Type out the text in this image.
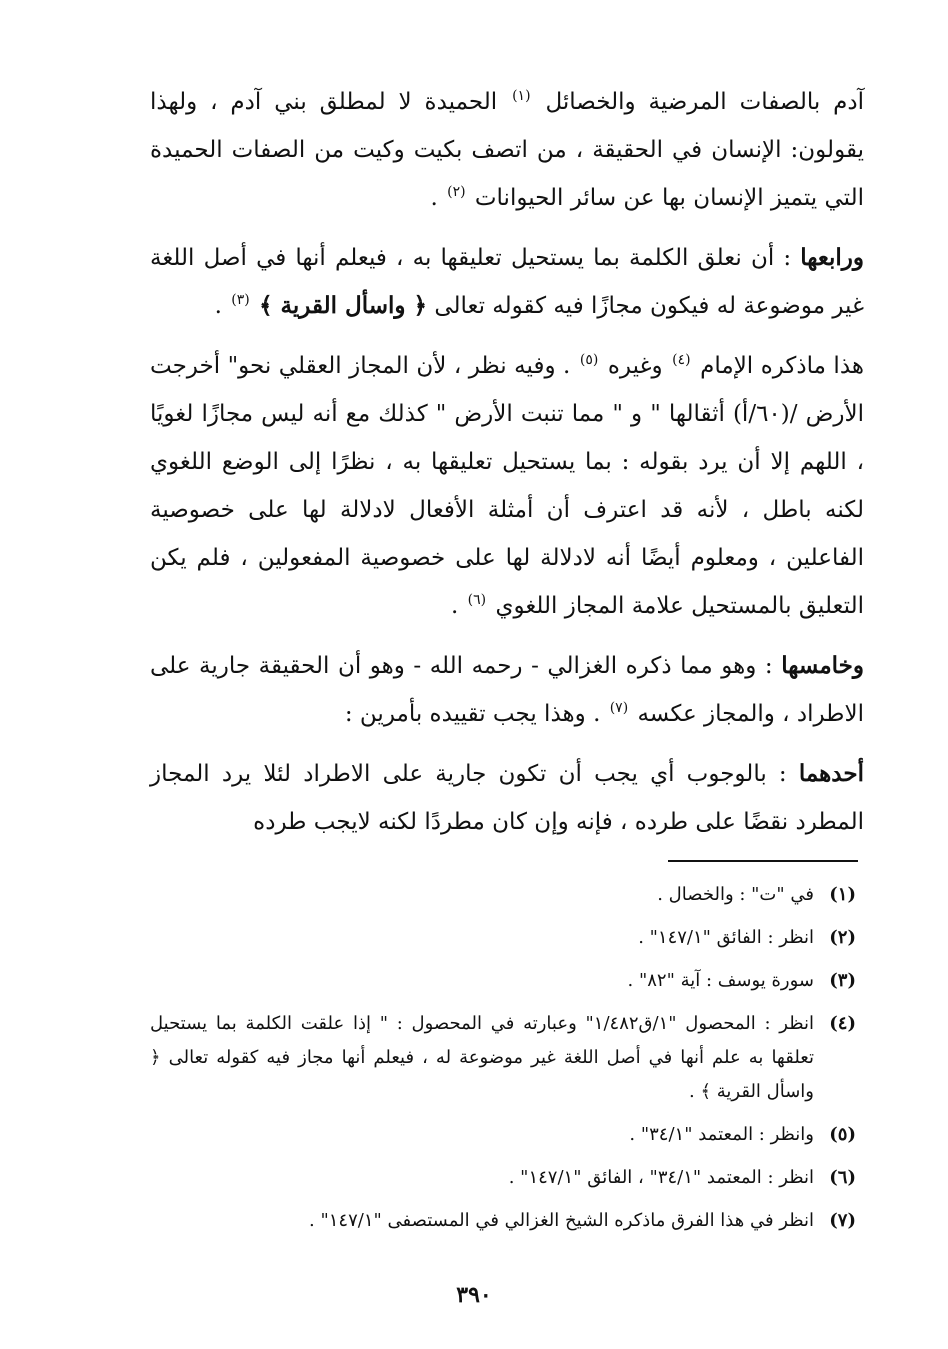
آدم بالصفات المرضية والخصائل $^{(١)}$ الحميدة لا لمطلق بني آدم ، ولهذا يقولون: الإنسان في الحقيقة ، من اتصف بكيت وكيت من الصفات الحميدة التي يتميز الإنسان بها عن سائر الحيوانات $^{(٢)}$ .

ورابعها : أن نعلق الكلمة بما يستحيل تعليقها به ، فيعلم أنها في أصل اللغة غير موضوعة له فيكون مجازًا فيه كقوله تعالى ﴿ واسأل القرية ﴾ $^{(٣)}$ .

هذا ماذكره الإمام $^{(٤)}$ وغيره $^{(٥)}$ . وفيه نظر ، لأن المجاز العقلي نحو" أخرجت الأرض /(٦٠/أ) أثقالها " و " مما تنبت الأرض " كذلك مع أنه ليس مجازًا لغويًا ، اللهم إلا أن يرد بقوله : بما يستحيل تعليقها به ، نظرًا إلى الوضع اللغوي لكنه باطل ، لأنه قد اعترف أن أمثلة الأفعال لادلالة لها على خصوصية الفاعلين ، ومعلوم أيضًا أنه لادلالة لها على خصوصية المفعولين ، فلم يكن التعليق بالمستحيل علامة المجاز اللغوي $^{(٦)}$ .

وخامسها : وهو مما ذكره الغزالي - رحمه الله - وهو أن الحقيقة جارية على الاطراد ، والمجاز عكسه $^{(٧)}$ . وهذا يجب تقييده بأمرين :

أحدهما : بالوجوب أي يجب أن تكون جارية على الاطراد لئلا يرد المجاز المطرد نقضًا على طرده ، فإنه وإن كان مطردًا لكنه لايجب طرده

(١)
في "ت" : والخصال .
(٢)
انظر : الفائق "١٤٧/١" .
(٣)
سورة يوسف : آية "٨٢" .
(٤)
انظر : المحصول "١/ق١/٤٨٢" وعبارته في المحصول : " إذا علقت الكلمة بما يستحيل تعلقها به علم أنها في أصل اللغة غير موضوعة له ، فيعلم أنها مجاز فيه كقوله تعالى ﴿ واسأل القرية ﴾ .
(٥)
وانظر : المعتمد "٣٤/١" .
(٦)
انظر : المعتمد "٣٤/١" ، الفائق "١٤٧/١" .
(٧)
انظر في هذا الفرق ماذكره الشيخ الغزالي في المستصفى "١٤٧/١" .
٣٩٠
